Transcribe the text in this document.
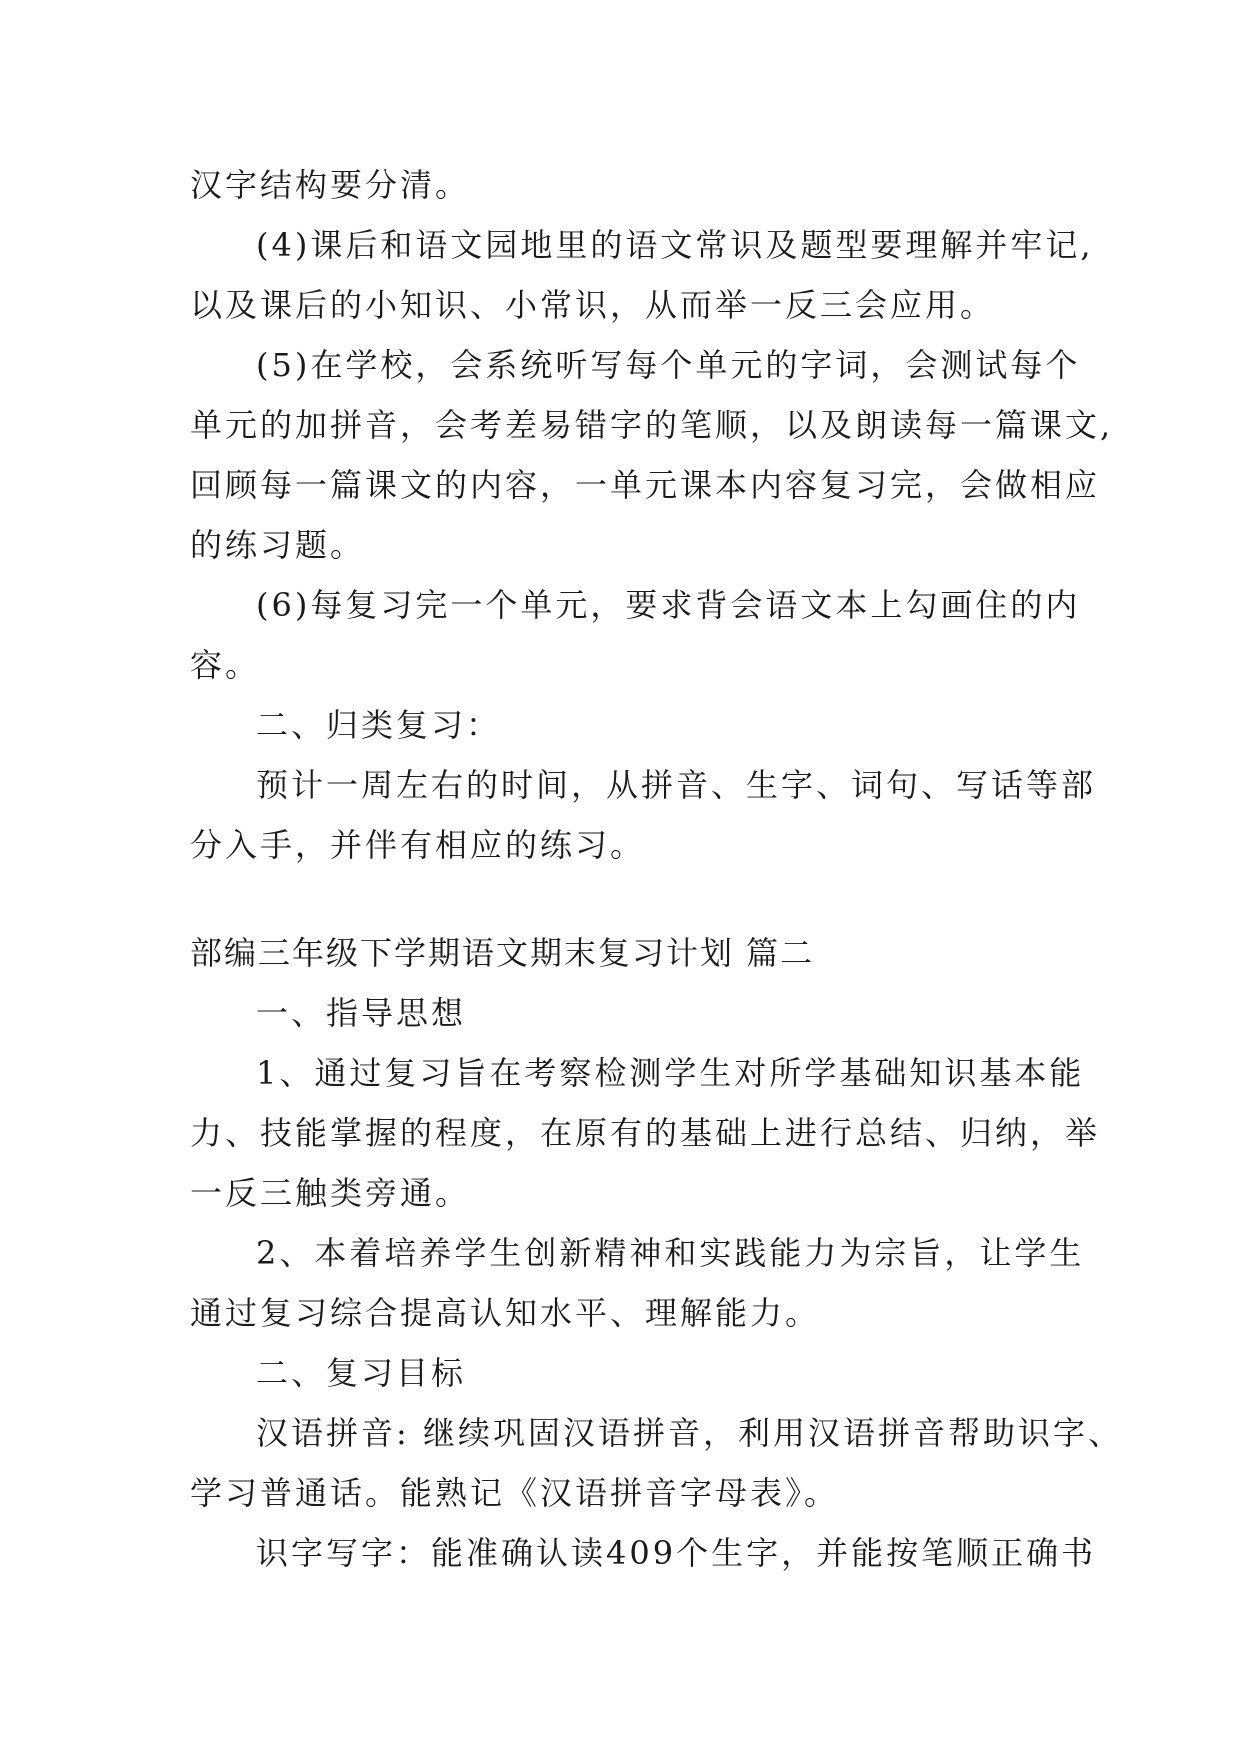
汉字结构要分清。
(4)课后和语文园地里的语文常识及题型要理解并牢记,
以及课后的小知识、小常识，从而举一反三会应用。
(5)在学校，会系统听写每个单元的字词，会测试每个
单元的加拼音，会考差易错字的笔顺，以及朗读每一篇课文,
回顾每一篇课文的内容，一单元课本内容复习完，会做相应
的练习题。
(6)每复习完一个单元，要求背会语文本上勾画住的内
容。
二、归类复习：
预计一周左右的时间，从拼音、生字、词句、写话等部
分入手，并伴有相应的练习。
部编三年级下学期语文期末复习计划 篇二
一、指导思想
1、通过复习旨在考察检测学生对所学基础知识基本能
力、技能掌握的程度，在原有的基础上进行总结、归纳，举
一反三触类旁通。
2、本着培养学生创新精神和实践能力为宗旨，让学生
通过复习综合提高认知水平、理解能力。
二、复习目标
汉语拼音: 继续巩固汉语拼音，利用汉语拼音帮助识字、
学习普通话。能熟记《汉语拼音字母表》。
识字写字：能准确认读409个生字，并能按笔顺正确书
